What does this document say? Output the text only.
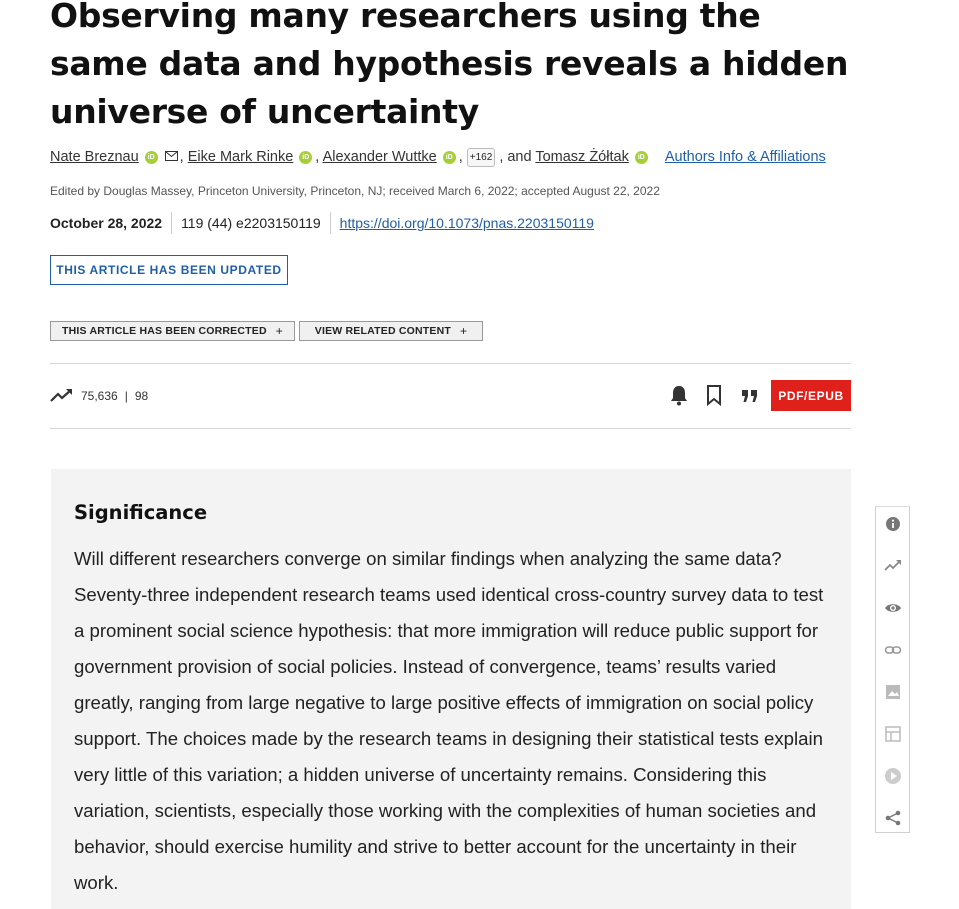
Observing many researchers using the same data and hypothesis reveals a hidden universe of uncertainty
Nate Breznau iD , Eike Mark Rinke iD , Alexander Wuttke iD , +162 , and Tomasz Żółtak iD Authors Info & Affiliations
Edited by Douglas Massey, Princeton University, Princeton, NJ; received March 6, 2022; accepted August 22, 2022
October 28, 2022 119 (44) e2203150119 https://doi.org/10.1073/pnas.2203150119
THIS ARTICLE HAS BEEN UPDATED
THIS ARTICLE HAS BEEN CORRECTED +	VIEW RELATED CONTENT +
75,636 | 98	PDF/EPUB
Significance

Will different researchers converge on similar findings when analyzing the same data? Seventy-three independent research teams used identical cross-country survey data to test a prominent social science hypothesis: that more immigration will reduce public support for government provision of social policies. Instead of convergence, teams’ results varied greatly, ranging from large negative to large positive effects of immigration on social policy support. The choices made by the research teams in designing their statistical tests explain very little of this variation; a hidden universe of uncertainty remains. Considering this variation, scientists, especially those working with the complexities of human societies and behavior, should exercise humility and strive to better account for the uncertainty in their work.
